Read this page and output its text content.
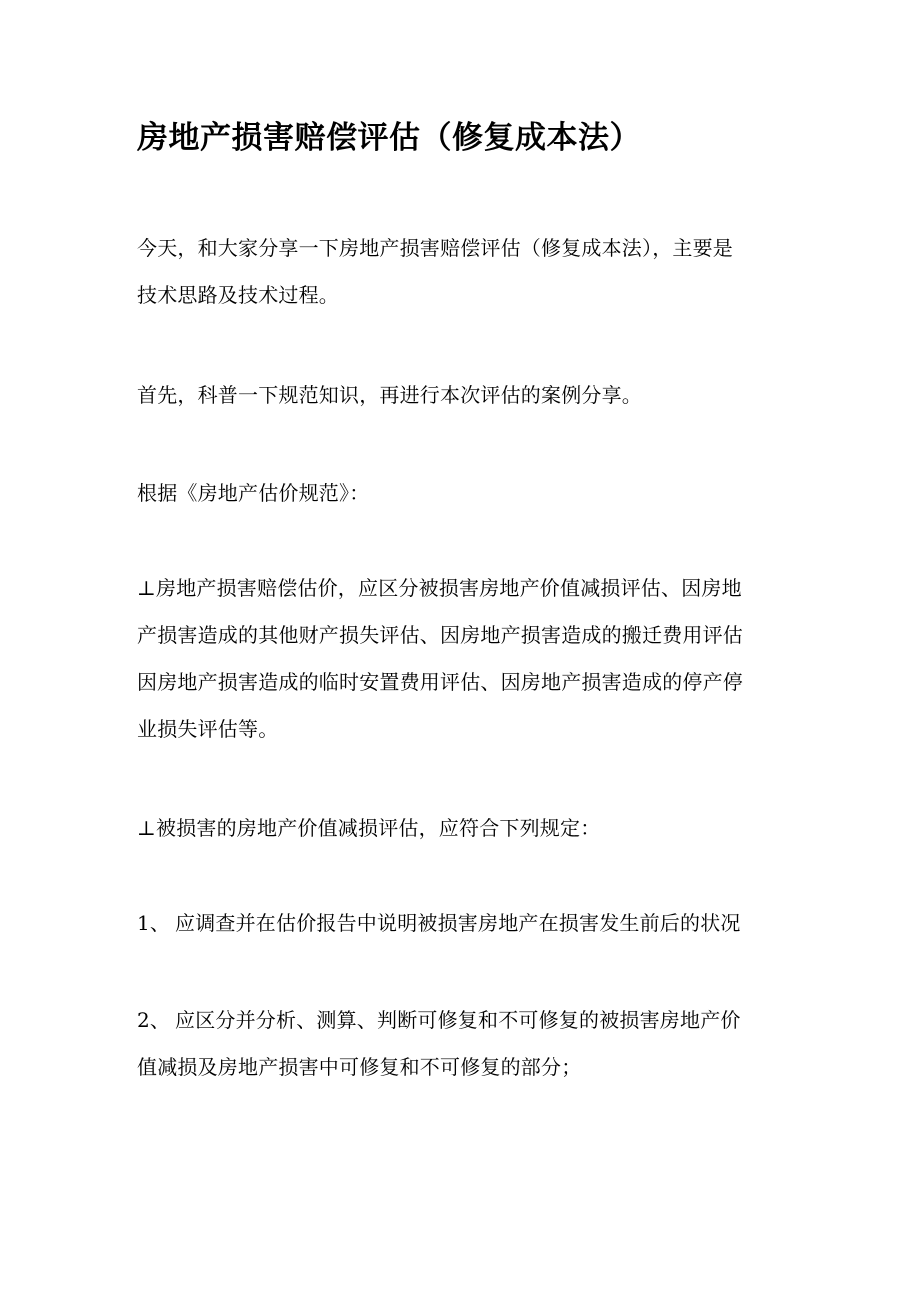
房地产损害赔偿评估（修复成本法）

今天，和大家分享一下房地产损害赔偿评估（修复成本法），主要是
技术思路及技术过程。

首先，科普一下规范知识，再进行本次评估的案例分享。

根据《房地产估价规范》：

⊥房地产损害赔偿估价，应区分被损害房地产价值减损评估、因房地
产损害造成的其他财产损失评估、因房地产损害造成的搬迁费用评估
因房地产损害造成的临时安置费用评估、因房地产损害造成的停产停
业损失评估等。

⊥被损害的房地产价值减损评估，应符合下列规定：

1、 应调查并在估价报告中说明被损害房地产在损害发生前后的状况

2、 应区分并分析、测算、判断可修复和不可修复的被损害房地产价
值减损及房地产损害中可修复和不可修复的部分；
